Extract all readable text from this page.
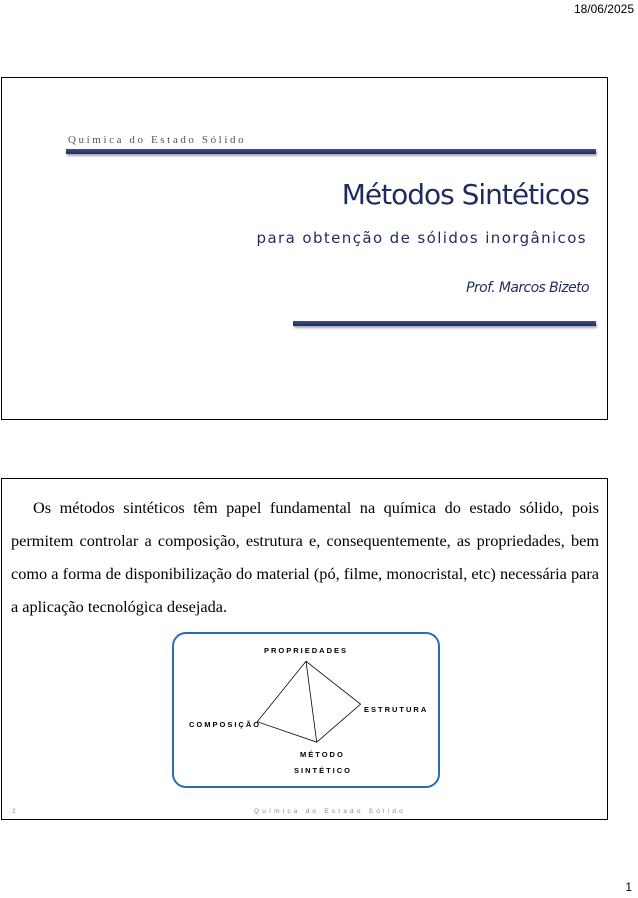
18/06/2025
Química do Estado Sólido
Métodos Sintéticos
para obtenção de sólidos inorgânicos
Prof. Marcos Bizeto

Os métodos sintéticos têm papel fundamental na química do estado sólido, pois permitem controlar a composição, estrutura e, consequentemente, as propriedades, bem como a forma de disponibilização do material (pó, filme, monocristal, etc) necessária para a aplicação tecnológica desejada.

PROPRIEDADES
ESTRUTURA
COMPOSIÇÃO
MÉTODO
SINTÉTICO
2	Química do Estado Sólido
1
